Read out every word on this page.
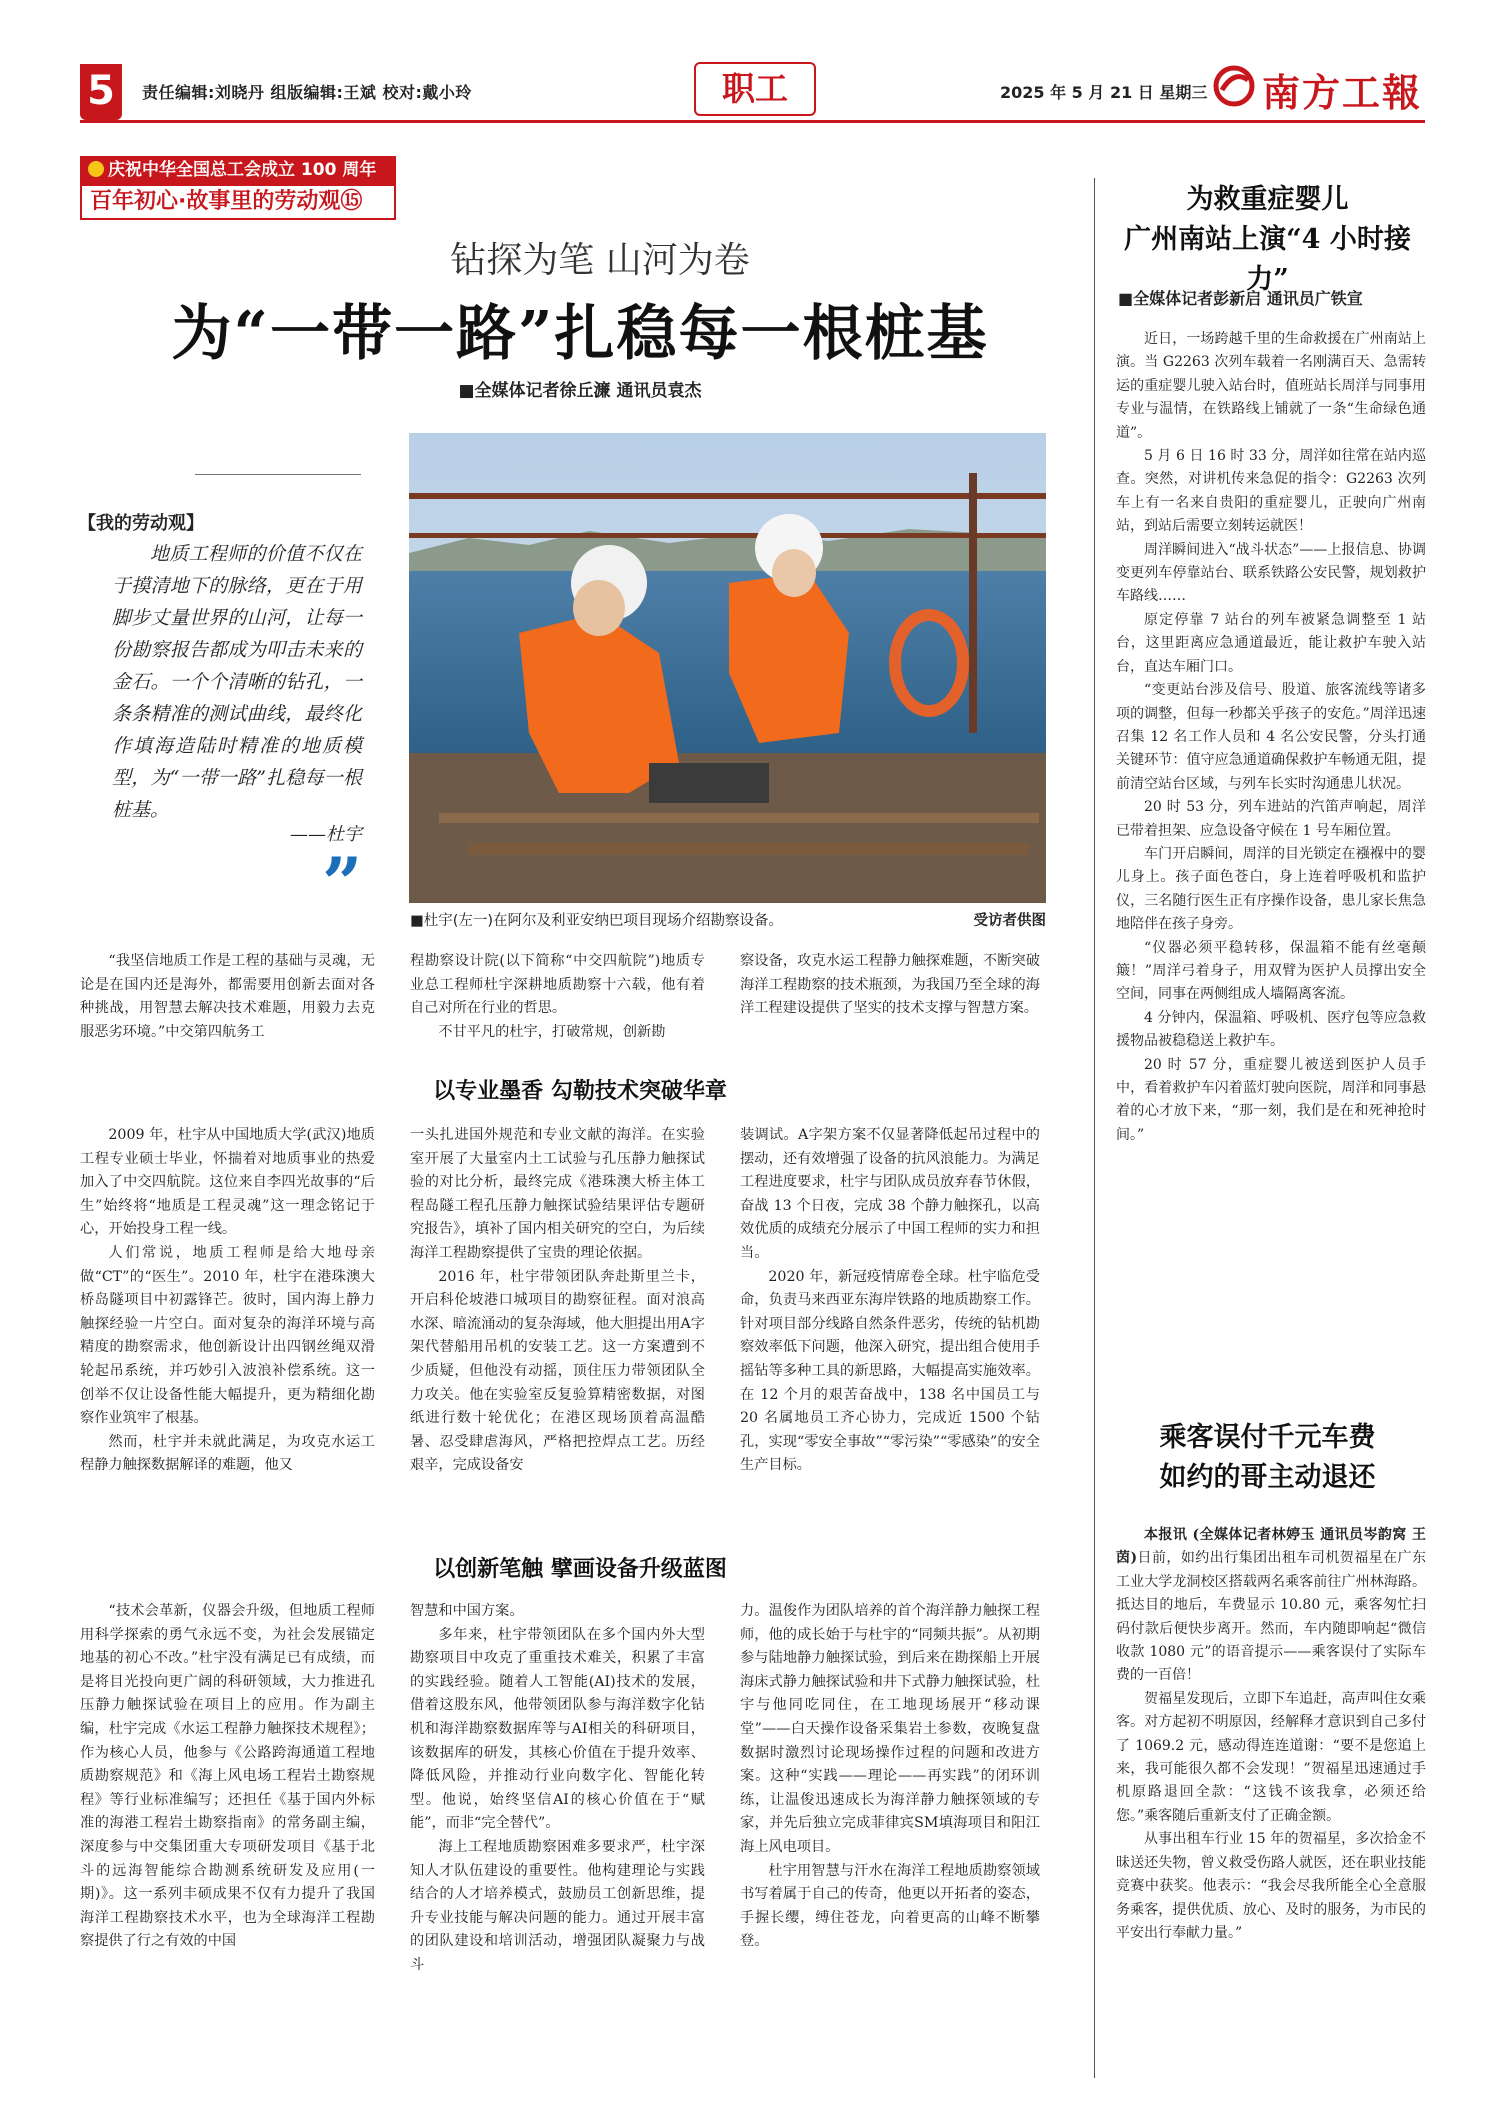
5	责任编辑:刘晓丹 组版编辑:王斌 校对:戴小玲	职工	2025 年 5 月 21 日 星期三 南方工報
庆祝中华全国总工会成立 100 周年
百年初心·故事里的劳动观⑮
钻探为笔 山河为卷
为“一带一路”扎稳每一根桩基
■全媒体记者徐丘濂 通讯员袁杰
【我的劳动观】
地质工程师的价值不仅在于摸清地下的脉络，更在于用脚步丈量世界的山河，让每一份勘察报告都成为叩击未来的金石。一个个清晰的钻孔，一条条精准的测试曲线，最终化作填海造陆时精准的地质模型，为“一带一路”扎稳每一根桩基。
——杜宇
”	■杜宇(左一)在阿尔及利亚安纳巴项目现场介绍勘察设备。	受访者供图

“我坚信地质工作是工程的基础与灵魂，无论是在国内还是海外，都需要用创新去面对各种挑战，用智慧去解决技术难题，用毅力去克服恶劣环境。”中交第四航务工

程勘察设计院(以下简称“中交四航院”)地质专业总工程师杜宇深耕地质勘察十六载，他有着自己对所在行业的哲思。

不甘平凡的杜宇，打破常规，创新勘

察设备，攻克水运工程静力触探难题，不断突破海洋工程勘察的技术瓶颈，为我国乃至全球的海洋工程建设提供了坚实的技术支撑与智慧方案。

以专业墨香 勾勒技术突破华章

2009 年，杜宇从中国地质大学(武汉)地质工程专业硕士毕业，怀揣着对地质事业的热爱加入了中交四航院。这位来自李四光故事的“后生”始终将“地质是工程灵魂”这一理念铭记于心，开始投身工程一线。

人们常说，地质工程师是给大地母亲做“CT”的“医生”。2010 年，杜宇在港珠澳大桥岛隧项目中初露锋芒。彼时，国内海上静力触探经验一片空白。面对复杂的海洋环境与高精度的勘察需求，他创新设计出四钢丝绳双滑轮起吊系统，并巧妙引入波浪补偿系统。这一创举不仅让设备性能大幅提升，更为精细化勘察作业筑牢了根基。

然而，杜宇并未就此满足，为攻克水运工程静力触探数据解译的难题，他又

一头扎进国外规范和专业文献的海洋。在实验室开展了大量室内土工试验与孔压静力触探试验的对比分析，最终完成《港珠澳大桥主体工程岛隧工程孔压静力触探试验结果评估专题研究报告》，填补了国内相关研究的空白，为后续海洋工程勘察提供了宝贵的理论依据。

2016 年，杜宇带领团队奔赴斯里兰卡，开启科伦坡港口城项目的勘察征程。面对浪高水深、暗流涌动的复杂海域，他大胆提出用A字架代替船用吊机的安装工艺。这一方案遭到不少质疑，但他没有动摇，顶住压力带领团队全力攻关。他在实验室反复验算精密数据，对图纸进行数十轮优化；在港区现场顶着高温酷暑、忍受肆虐海风，严格把控焊点工艺。历经艰辛，完成设备安

装调试。A字架方案不仅显著降低起吊过程中的摆动，还有效增强了设备的抗风浪能力。为满足工程进度要求，杜宇与团队成员放弃春节休假，奋战 13 个日夜，完成 38 个静力触探孔，以高效优质的成绩充分展示了中国工程师的实力和担当。

2020 年，新冠疫情席卷全球。杜宇临危受命，负责马来西亚东海岸铁路的地质勘察工作。针对项目部分线路自然条件恶劣，传统的钻机勘察效率低下问题，他深入研究，提出组合使用手摇钻等多种工具的新思路，大幅提高实施效率。在 12 个月的艰苦奋战中，138 名中国员工与 20 名属地员工齐心协力，完成近 1500 个钻孔，实现“零安全事故”“零污染”“零感染”的安全生产目标。

以创新笔触 擘画设备升级蓝图

“技术会革新，仪器会升级，但地质工程师用科学探索的勇气永远不变，为社会发展锚定地基的初心不改。”杜宇没有满足已有成绩，而是将目光投向更广阔的科研领域，大力推进孔压静力触探试验在项目上的应用。作为副主编，杜宇完成《水运工程静力触探技术规程》；作为核心人员，他参与《公路跨海通道工程地质勘察规范》和《海上风电场工程岩土勘察规程》等行业标准编写；还担任《基于国内外标准的海港工程岩土勘察指南》的常务副主编，深度参与中交集团重大专项研发项目《基于北斗的远海智能综合勘测系统研发及应用(一期)》。这一系列丰硕成果不仅有力提升了我国海洋工程勘察技术水平，也为全球海洋工程勘察提供了行之有效的中国

智慧和中国方案。

多年来，杜宇带领团队在多个国内外大型勘察项目中攻克了重重技术难关，积累了丰富的实践经验。随着人工智能(AI)技术的发展，借着这股东风，他带领团队参与海洋数字化钻机和海洋勘察数据库等与AI相关的科研项目，该数据库的研发，其核心价值在于提升效率、降低风险，并推动行业向数字化、智能化转型。他说，始终坚信AI的核心价值在于“赋能”，而非“完全替代”。

海上工程地质勘察困难多要求严，杜宇深知人才队伍建设的重要性。他构建理论与实践结合的人才培养模式，鼓励员工创新思维，提升专业技能与解决问题的能力。通过开展丰富的团队建设和培训活动，增强团队凝聚力与战斗

力。温俊作为团队培养的首个海洋静力触探工程师，他的成长始于与杜宇的“同频共振”。从初期参与陆地静力触探试验，到后来在勘探船上开展海床式静力触探试验和井下式静力触探试验，杜宇与他同吃同住，在工地现场展开“移动课堂”——白天操作设备采集岩土参数，夜晚复盘数据时激烈讨论现场操作过程的问题和改进方案。这种“实践——理论——再实践”的闭环训练，让温俊迅速成长为海洋静力触探领域的专家，并先后独立完成菲律宾SM填海项目和阳江海上风电项目。

杜宇用智慧与汗水在海洋工程地质勘察领域书写着属于自己的传奇，他更以开拓者的姿态，手握长缨，缚住苍龙，向着更高的山峰不断攀登。

为救重症婴儿
广州南站上演“4 小时接力”
■全媒体记者彭新启 通讯员广铁宣

近日，一场跨越千里的生命救援在广州南站上演。当 G2263 次列车载着一名刚满百天、急需转运的重症婴儿驶入站台时，值班站长周洋与同事用专业与温情，在铁路线上铺就了一条“生命绿色通道”。

5 月 6 日 16 时 33 分，周洋如往常在站内巡查。突然，对讲机传来急促的指令：G2263 次列车上有一名来自贵阳的重症婴儿，正驶向广州南站，到站后需要立刻转运就医！

周洋瞬间进入“战斗状态”——上报信息、协调变更列车停靠站台、联系铁路公安民警，规划救护车路线……

原定停靠 7 站台的列车被紧急调整至 1 站台，这里距离应急通道最近，能让救护车驶入站台，直达车厢门口。

“变更站台涉及信号、股道、旅客流线等诸多项的调整，但每一秒都关乎孩子的安危。”周洋迅速召集 12 名工作人员和 4 名公安民警，分头打通关键环节：值守应急通道确保救护车畅通无阻，提前清空站台区域，与列车长实时沟通患儿状况。

20 时 53 分，列车进站的汽笛声响起，周洋已带着担架、应急设备守候在 1 号车厢位置。

车门开启瞬间，周洋的目光锁定在襁褓中的婴儿身上。孩子面色苍白，身上连着呼吸机和监护仪，三名随行医生正有序操作设备，患儿家长焦急地陪伴在孩子身旁。

“仪器必须平稳转移，保温箱不能有丝毫颠簸！”周洋弓着身子，用双臂为医护人员撑出安全空间，同事在两侧组成人墙隔离客流。

4 分钟内，保温箱、呼吸机、医疗包等应急救援物品被稳稳送上救护车。

20 时 57 分，重症婴儿被送到医护人员手中，看着救护车闪着蓝灯驶向医院，周洋和同事悬着的心才放下来，“那一刻，我们是在和死神抢时间。”

乘客误付千元车费
如约的哥主动退还

本报讯 (全媒体记者林婷玉 通讯员岑韵窝 王茵)日前，如约出行集团出租车司机贺福星在广东工业大学龙洞校区搭载两名乘客前往广州林海路。抵达目的地后，车费显示 10.80 元，乘客匆忙扫码付款后便快步离开。然而，车内随即响起“微信收款 1080 元”的语音提示——乘客误付了实际车费的一百倍！

贺福星发现后，立即下车追赶，高声叫住女乘客。对方起初不明原因，经解释才意识到自己多付了 1069.2 元，感动得连连道谢：“要不是您追上来，我可能很久都不会发现！”贺福星迅速通过手机原路退回全款：“这钱不该我拿，必须还给您。”乘客随后重新支付了正确金额。

从事出租车行业 15 年的贺福星，多次拾金不昧送还失物，曾义救受伤路人就医，还在职业技能竞赛中获奖。他表示：“我会尽我所能全心全意服务乘客，提供优质、放心、及时的服务，为市民的平安出行奉献力量。”
